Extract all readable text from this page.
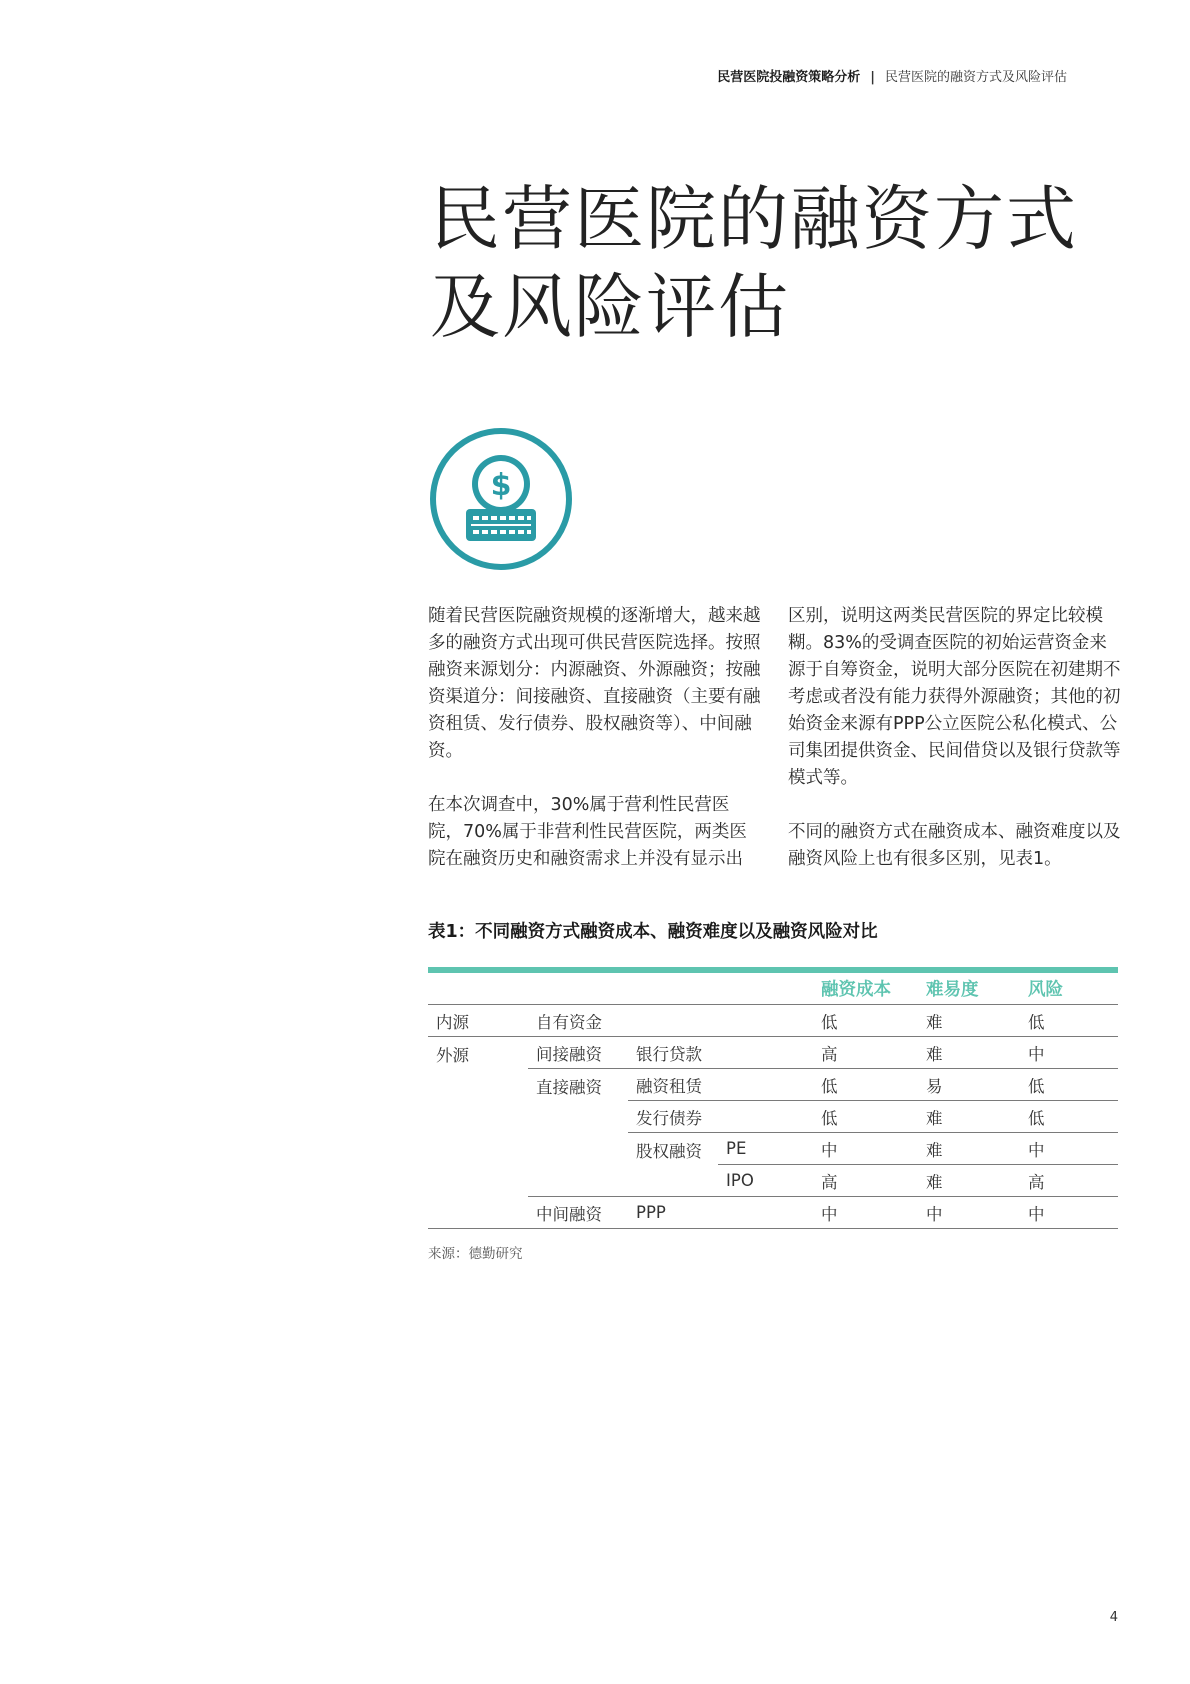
民营医院投融资策略分析 | 民营医院的融资方式及风险评估
民营医院的融资方式
及风险评估
$

随着民营医院融资规模的逐渐增大，越来越多的融资方式出现可供民营医院选择。按照融资来源划分：内源融资、外源融资；按融资渠道分：间接融资、直接融资（主要有融资租赁、发行债券、股权融资等）、中间融资。

在本次调查中，30%属于营利性民营医院，70%属于非营利性民营医院，两类医院在融资历史和融资需求上并没有显示出

区别，说明这两类民营医院的界定比较模糊。83%的受调查医院的初始运营资金来源于自筹资金，说明大部分医院在初建期不考虑或者没有能力获得外源融资；其他的初始资金来源有PPP公立医院公私化模式、公司集团提供资金、民间借贷以及银行贷款等模式等。

不同的融资方式在融资成本、融资难度以及融资风险上也有很多区别，见表1。

表1：不同融资方式融资成本、融资难度以及融资风险对比
				融资成本	难易度	风险
内源	自有资金			低	难	低
外源	间接融资	银行贷款		高	难	中
	直接融资	融资租赁		低	易	低
		发行债券		低	难	低
		股权融资	PE	中	难	中
			IPO	高	难	高
	中间融资	PPP		中	中	中
来源：德勤研究
4
